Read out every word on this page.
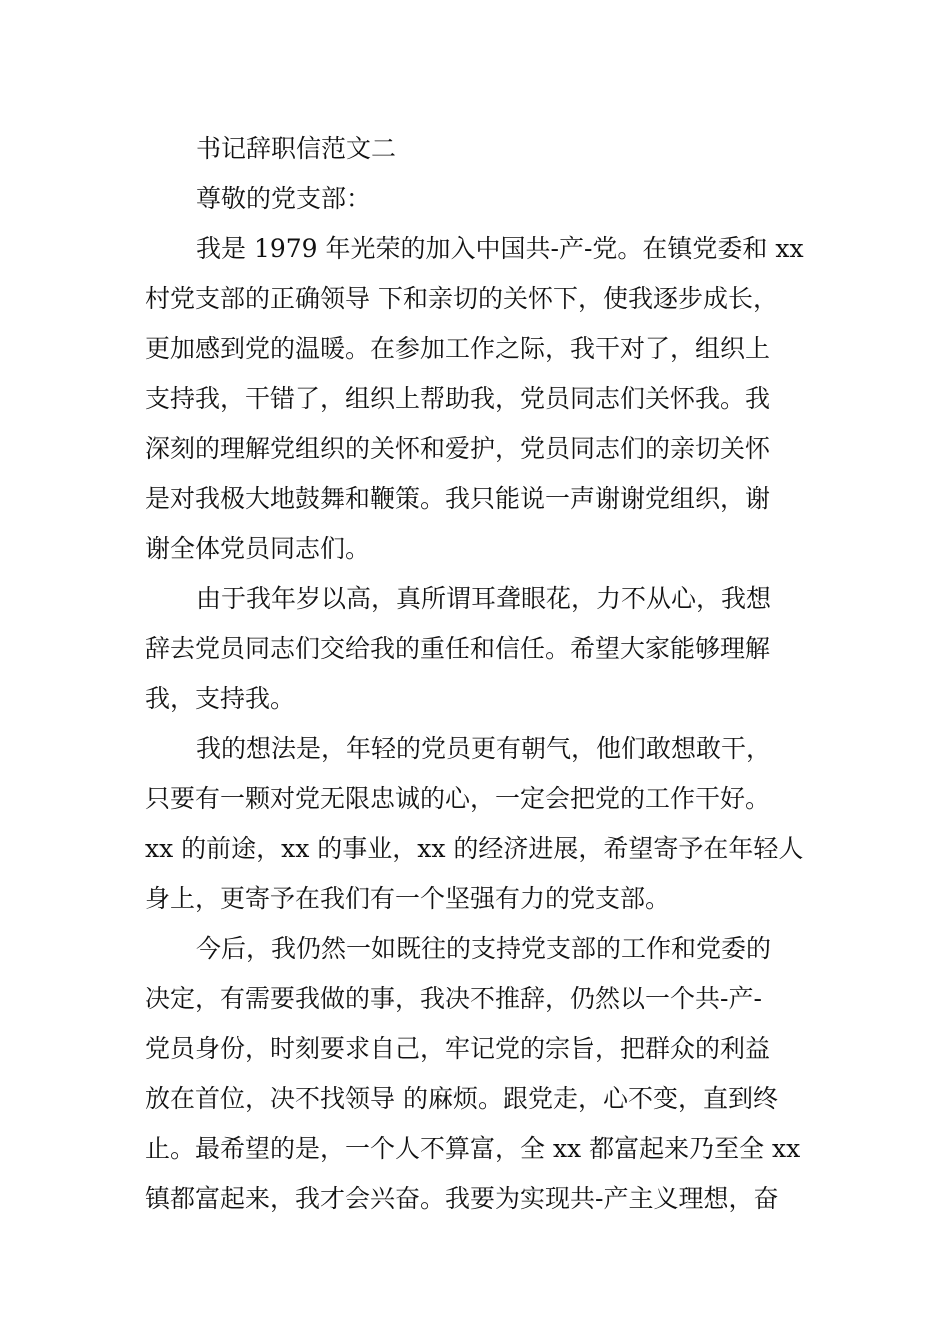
书记辞职信范文二
尊敬的党支部：
我是 1979 年光荣的加入中国共-产-党。在镇党委和 xx
村党支部的正确领导 下和亲切的关怀下，使我逐步成长，
更加感到党的温暖。在参加工作之际，我干对了，组织上
支持我，干错了，组织上帮助我，党员同志们关怀我。我
深刻的理解党组织的关怀和爱护，党员同志们的亲切关怀
是对我极大地鼓舞和鞭策。我只能说一声谢谢党组织，谢
谢全体党员同志们。
由于我年岁以高，真所谓耳聋眼花，力不从心，我想
辞去党员同志们交给我的重任和信任。希望大家能够理解
我，支持我。
我的想法是，年轻的党员更有朝气，他们敢想敢干，
只要有一颗对党无限忠诚的心，一定会把党的工作干好。
xx 的前途，xx 的事业，xx 的经济进展，希望寄予在年轻人
身上，更寄予在我们有一个坚强有力的党支部。
今后，我仍然一如既往的支持党支部的工作和党委的
决定，有需要我做的事，我决不推辞，仍然以一个共-产-
党员身份，时刻要求自己，牢记党的宗旨，把群众的利益
放在首位，决不找领导 的麻烦。跟党走，心不变，直到终
止。最希望的是，一个人不算富，全 xx 都富起来乃至全 xx
镇都富起来，我才会兴奋。我要为实现共-产主义理想，奋
